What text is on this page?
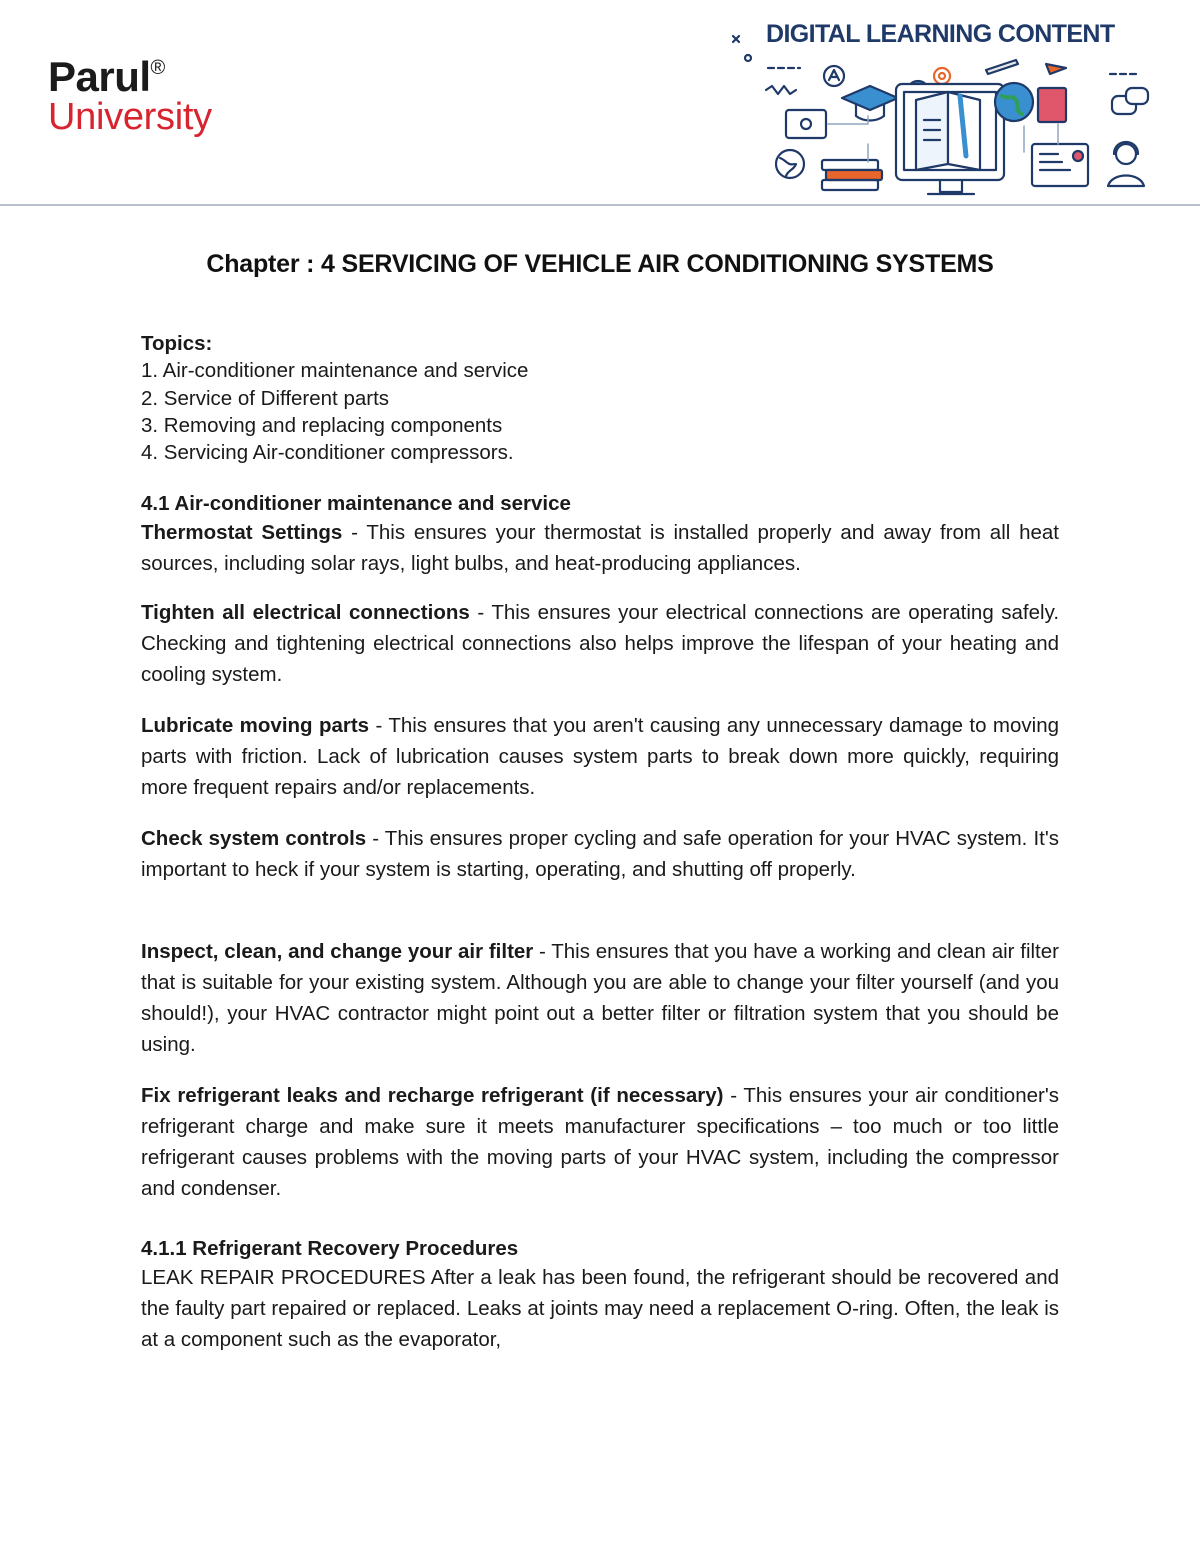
Parul®
University
DIGITAL LEARNING CONTENT
Chapter : 4 SERVICING OF VEHICLE AIR CONDITIONING SYSTEMS
Topics:
1. Air-conditioner maintenance and service
2. Service of Different parts
3. Removing and replacing components
4. Servicing Air-conditioner compressors.
4.1 Air-conditioner maintenance and service
Thermostat Settings - This ensures your thermostat is installed properly and away from all heat sources, including solar rays, light bulbs, and heat-producing appliances.
Tighten all electrical connections - This ensures your electrical connections are operating safely. Checking and tightening electrical connections also helps improve the lifespan of your heating and cooling system.
Lubricate moving parts - This ensures that you aren't causing any unnecessary damage to moving parts with friction. Lack of lubrication causes system parts to break down more quickly, requiring more frequent repairs and/or replacements.
Check system controls - This ensures proper cycling and safe operation for your HVAC system. It's important to heck if your system is starting, operating, and shutting off properly.
Inspect, clean, and change your air filter - This ensures that you have a working and clean air filter that is suitable for your existing system. Although you are able to change your filter yourself (and you should!), your HVAC contractor might point out a better filter or filtration system that you should be using.
Fix refrigerant leaks and recharge refrigerant (if necessary) - This ensures your air conditioner's refrigerant charge and make sure it meets manufacturer specifications – too much or too little refrigerant causes problems with the moving parts of your HVAC system, including the compressor and condenser.
4.1.1 Refrigerant Recovery Procedures
LEAK REPAIR PROCEDURES After a leak has been found, the refrigerant should be recovered and the faulty part repaired or replaced. Leaks at joints may need a replacement O-ring. Often, the leak is at a component such as the evaporator,
